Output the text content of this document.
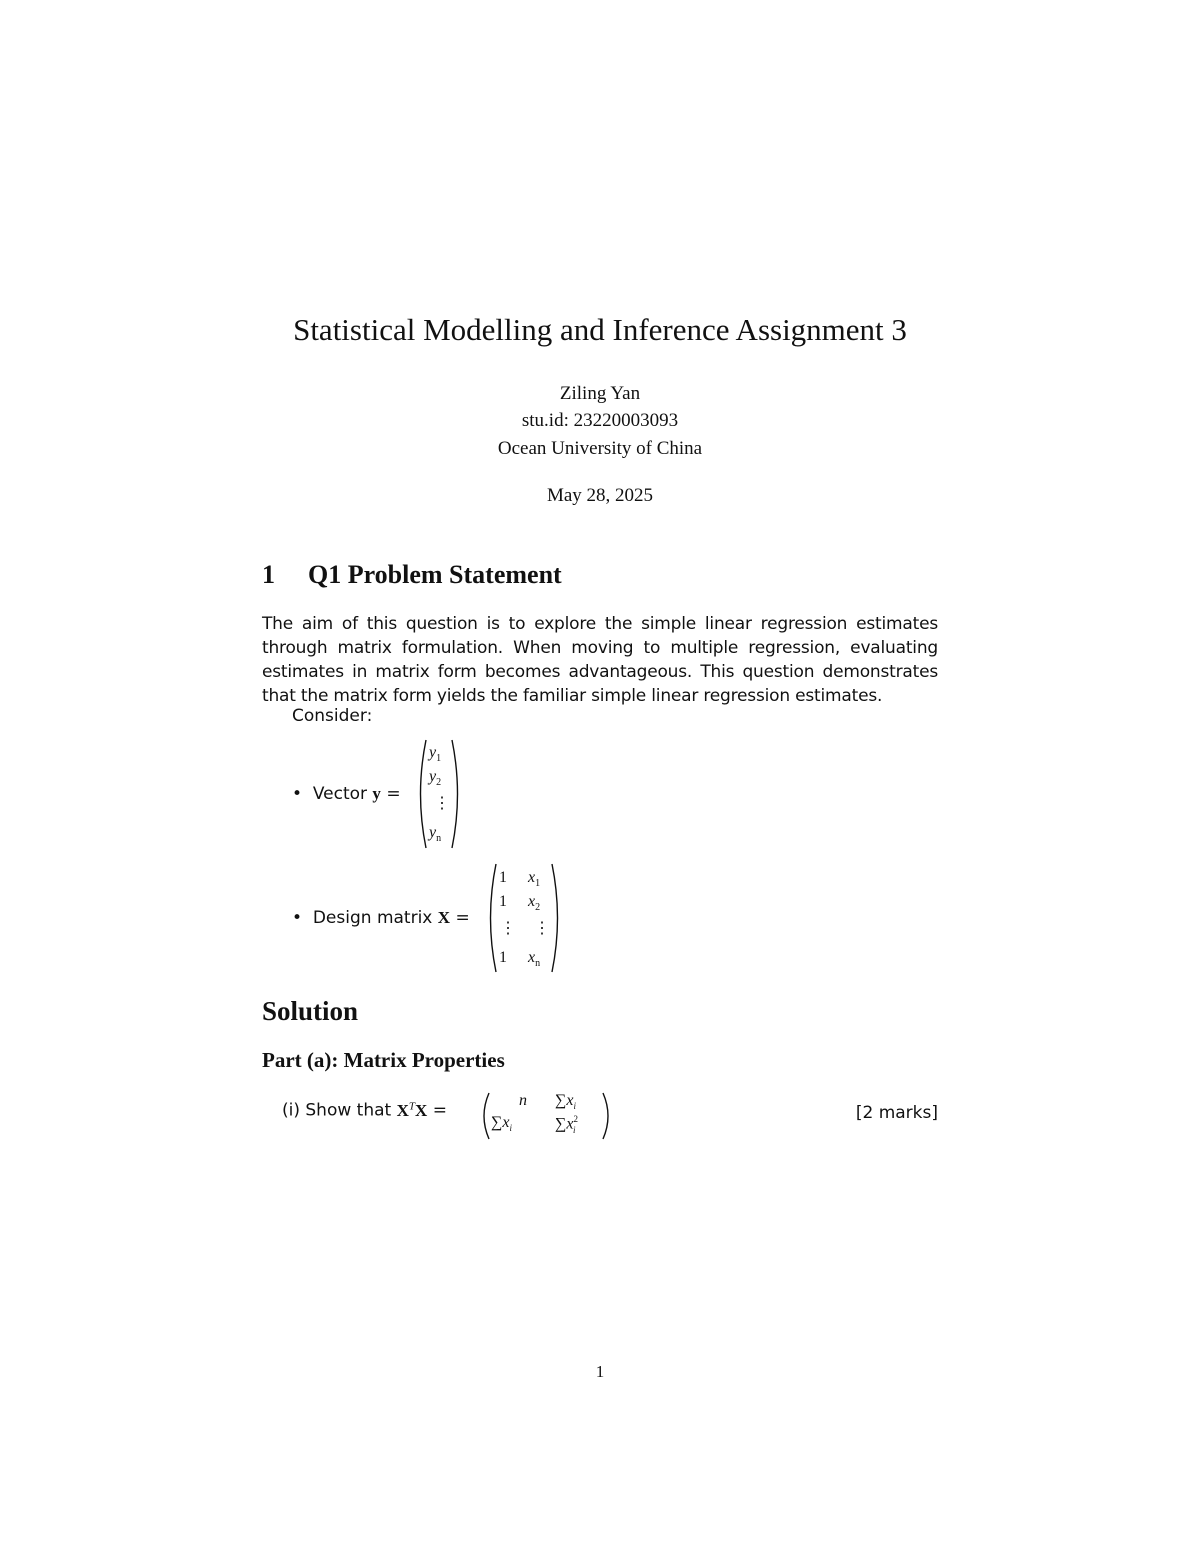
Statistical Modelling and Inference Assignment 3
Ziling Yan
stu.id: 23220003093
Ocean University of China
May 28, 2025
1 Q1 Problem Statement
The aim of this question is to explore the simple linear regression estimates through matrix formulation. When moving to multiple regression, evaluating estimates in matrix form becomes advantageous. This question demonstrates that the matrix form yields the familiar simple linear regression estimates.
Consider:
• Vector y =
$y_1$
$y_2$
⋮
$y_n$
• Design matrix X =
1 $x_1$
1 $x_2$
⋮ ⋮
1 $x_n$
Solution
Part (a): Matrix Properties
(i) Show that $X^TX$ =
n $\sum x_i$
$\sum x_i$	$\sum x^2_i$
[2 marks]
1
